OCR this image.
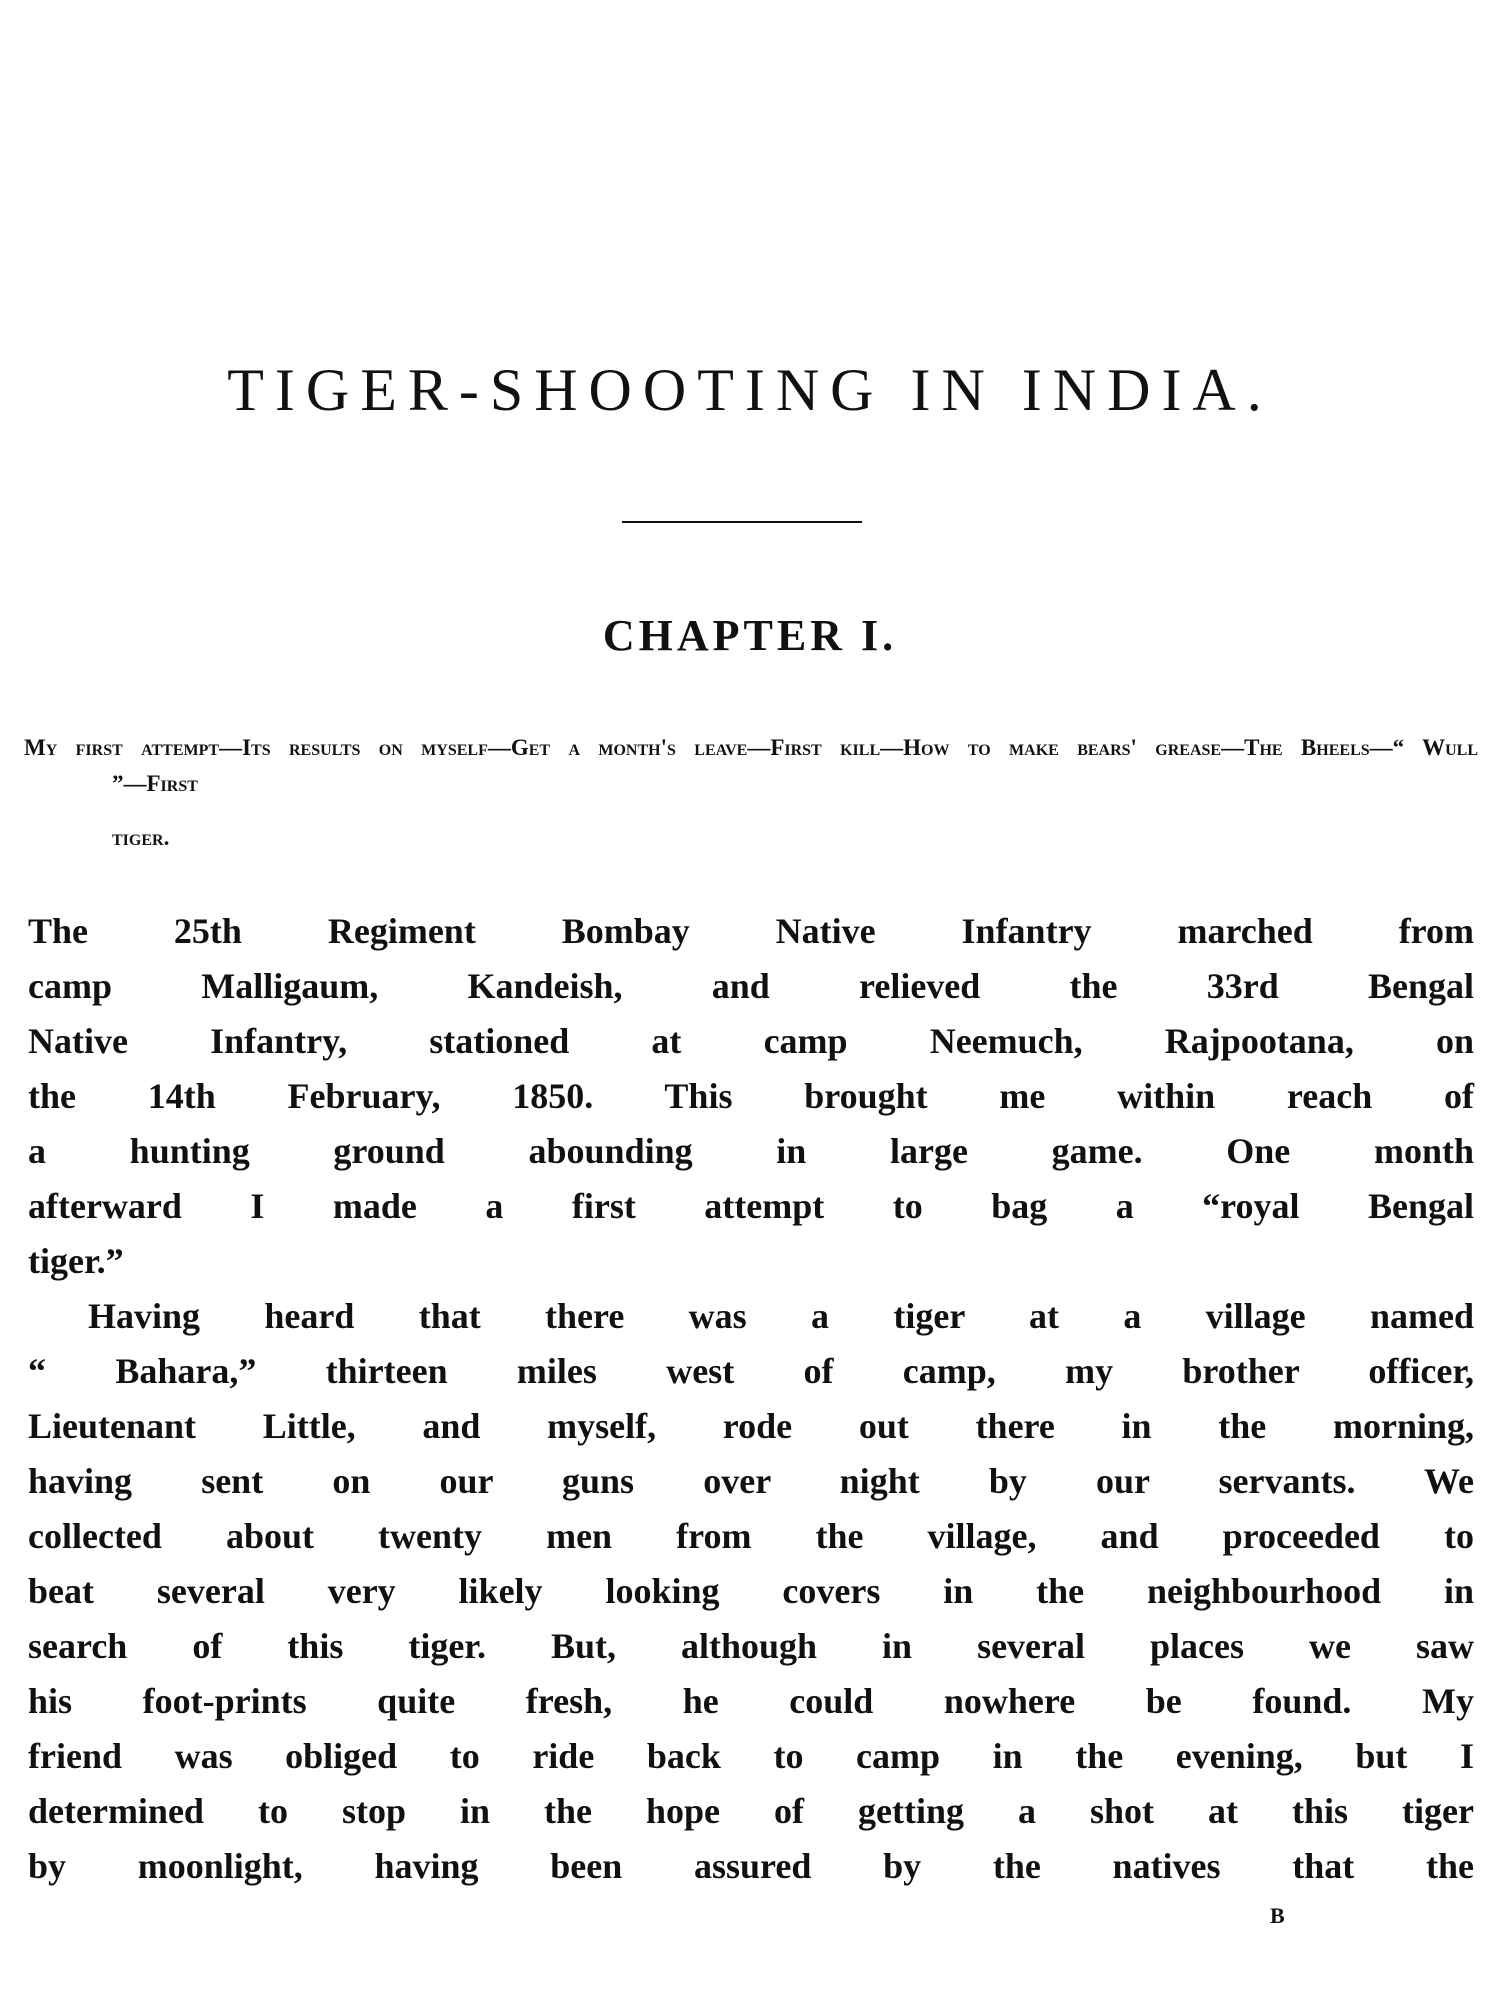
TIGER-SHOOTING IN INDIA.
CHAPTER I.

My first attempt—Its results on myself—Get a month's leave—First kill—How to make bears' grease—The Bheels—“ Wull ”—First

tiger.

The 25th Regiment Bombay Native Infantry marched from
camp Malligaum, Kandeish, and relieved the 33rd Bengal
Native Infantry, stationed at camp Neemuch, Rajpootana, on
the 14th February, 1850. This brought me within reach of
a hunting ground abounding in large game. One month
afterward I made a first attempt to bag a “royal Bengal
tiger.”
Having heard that there was a tiger at a village named
“ Bahara,” thirteen miles west of camp, my brother officer,
Lieutenant Little, and myself, rode out there in the morning,
having sent on our guns over night by our servants. We
collected about twenty men from the village, and proceeded to
beat several very likely looking covers in the neighbourhood in
search of this tiger. But, although in several places we saw
his foot-prints quite fresh, he could nowhere be found. My
friend was obliged to ride back to camp in the evening, but I
determined to stop in the hope of getting a shot at this tiger
by moonlight, having been assured by the natives that the
B
